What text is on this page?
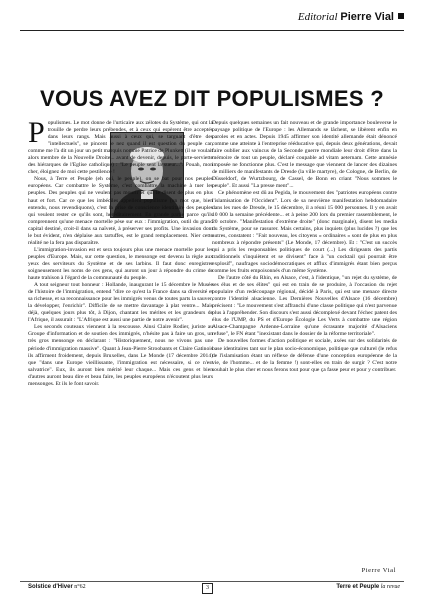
Editorial Pierre Vial
VOUS AVEZ DIT POPULISMES ?

Populismes. Le mot donne de l'urticaire aux zélotes du Système, qui ont la trouille de perdre leurs prébendes, et à ceux qui espèrent être acceptés dans leurs rangs. Mais aussi à ceux qui, se targuant d'être des "intellectuels", se pincent le nez quand il est question du peuple car, comme me l'a dit un jour un petit marquis nommé Patrice de Plunkett (il se voulait alors membre de la Nouvelle Droite... avant de devenir, depuis, le porte-serviette des hiérarques de l'Eglise catholique) : "Le peuple sent la sueur...". Pouah, mon cher, éloignez de moi cette pestilence !

Nous, à Terre et Peuple (eh oui, le peuple), on se bat pour nos peuples européens. Car combattre le Système, c'est combattre la machine à tuer les peuples. Des peuples qui ne veulent pas mourir et qui le disent de plus en plus haut et fort. Car ce que les imbéciles appellent populisme (un mot que, bien entendu, nous revendiquons), c'est la prise de conscience identitaire des peuples qui veulent rester ce qu'ils sont, héréditairement. En grande partie parce qu'ils comprennent qu'une menace mortelle pèse sur eux : l'immigration, outil du grand capital destiné, croit-il dans sa naïveté, à préserver ses profits. Une invasion dont le but évident, n'en déplaise aux tartuffes, est le grand remplacement. Nier cette réalité ne la fera pas disparaître.

L'immigration-invasion est et sera toujours plus une menace mortelle pour les peuples d'Europe. Mais, sur cette question, le mensonge est devenu la règle aux yeux des serviteurs du Système et de ses larbins. Il faut donc enregistrer soigneusement les noms de ces gens, qui auront un jour à répondre du crime de haute trahison à l'égard de la communauté du peuple.

A tout seigneur tout honneur : Hollande, inaugurant le 15 décembre le Musée de l'histoire de l'immigration, entend "dire ce qu'est la France dans sa diversité et sa richesse, et sa reconnaissance pour les immigrés venus de toutes parts la sauver, la développer, l'enrichir". Difficile de se mettre davantage à plat ventre... Mais déjà, quelques jours plus tôt, à Dijon, chantant les mérites et les grandeurs de l'Afrique, il assurait : "L'Afrique est aussi une partie de notre avenir".

Les seconds couteaux viennent à la rescousse. Ainsi Claire Rodier, juriste au Groupe d'information et de soutien des immigrés, n'hésite pas à faire un gros, un très gros mensonge en déclarant : "Historiquement, nous ne vivons pas une période d'immigration massive". Quant à Jean-Pierre Stroobants et Claire Gatinois ils affirment froidement, depuis Bruxelles, dans Le Monde (17 décembre 2014) que "dans une Europe vieillissante, l'immigration est nécessaire, si ce n'est salvatrice". Eux, ils auront bien mérité leur chaque... Mais ces gens et bien d'autres auront beau dire et beau faire, les peuples européens n'écoutent plus leurs mensonges. Et ils le font savoir.

Depuis quelques semaines un fait nouveau et de grande importance bouleverse le paysage politique de l'Europe : les Allemands se lâchent, se libèrent enfin en paroles et en actes. Depuis 1945 affirmer son identité allemande était dénoncé comme une atteinte à l'entreprise rééducative qui, depuis deux générations, devait faire oublier aux vaincus de la Seconde guerre mondiale leur droit d'être dans la mémoire de tout un peuple, déclaré coupable ad vitam aeternam. Cette amnésie imposée ne fonctionne plus. C'est le message que viennent de lancer des dizaines de milliers de manifestants de Dresde (la ville martyre), de Cologne, de Berlin, de Düsseldorf, de Wurtzbourg, de Cassel, de Bonn en criant "Nous sommes le peuple". Et aussi "La presse ment"...

Ce phénomène est dû au Pegida, le mouvement des "patriotes européens contre l'islamisation de l'Occident". Lors de sa neuvième manifestation hebdomadaire dans les rues de Dresde, le 15 décembre, il a réuni 15 000 personnes. Il y en avait 10 000 la semaine précédente... et à peine 200 lors du premier rassemblement, le 20 octobre. "Manifestation d'extrême droite" (donc marginale), disent les media du Système, pour se rassurer. Mais certains, plus inquiets (plus lucides ?) que les autres, constatent : "Fait nouveau, les citoyens « ordinaires » sont de plus en plus nombreux à répondre présents" (Le Monde, 17 décembre). Et : "C'est un succès qui a pris les responsables politiques de court (...) Les dirigeants des partis traditionnels s'inquiètent et se divisent" face à "un cocktail qui pourrait être explosif", naufrages sociodémocratiques et afflux d'immigrés étant bien perçus comme les fruits empoisonnés d'un même Système.

De l'autre côté du Rhin, en Alsace, c'est, à l'identique, "un rejet du système, de ses élus et de ses élites" qui est en train de se produire, à l'occasion du rejet populaire d'un redécoupage régional, décidé à Paris, qui est une menace directe contre l'identité alsacienne. Les Dernières Nouvelles d'Alsace (16 décembre) précisent : "Le mouvement s'est affranchi d'une classe politique qui n'est parvenue plus à l'appréhender. Son discours s'est aussi décomplexé devant l'échec patent des élus de l'UMP, du PS et d'Europe Écologie Les Verts à combattre une région Alsace-Champagne Ardenne-Lorraine qu'une écrasante majorité d'Alsaciens refuse", le FN étant "inexistant dans le dossier de la réforme territoriale".

De nouvelles formes d'action politique et sociale, axées sur des solidarités de base identitaires tant sur le plan socio-économique, politique que culturel (le refus de l'islamisation étant un réflexe de défense d'une conception européenne de la vie, de l'homme... et de la femme !) sont-elles en train de surgir ? C'est notre souhait le plus cher et nous ferons tout pour que ça fasse peur et pour y contribuer.

Pierre Vial
Solstice d'Hiver n°62	3	Terre et Peuple la revue
